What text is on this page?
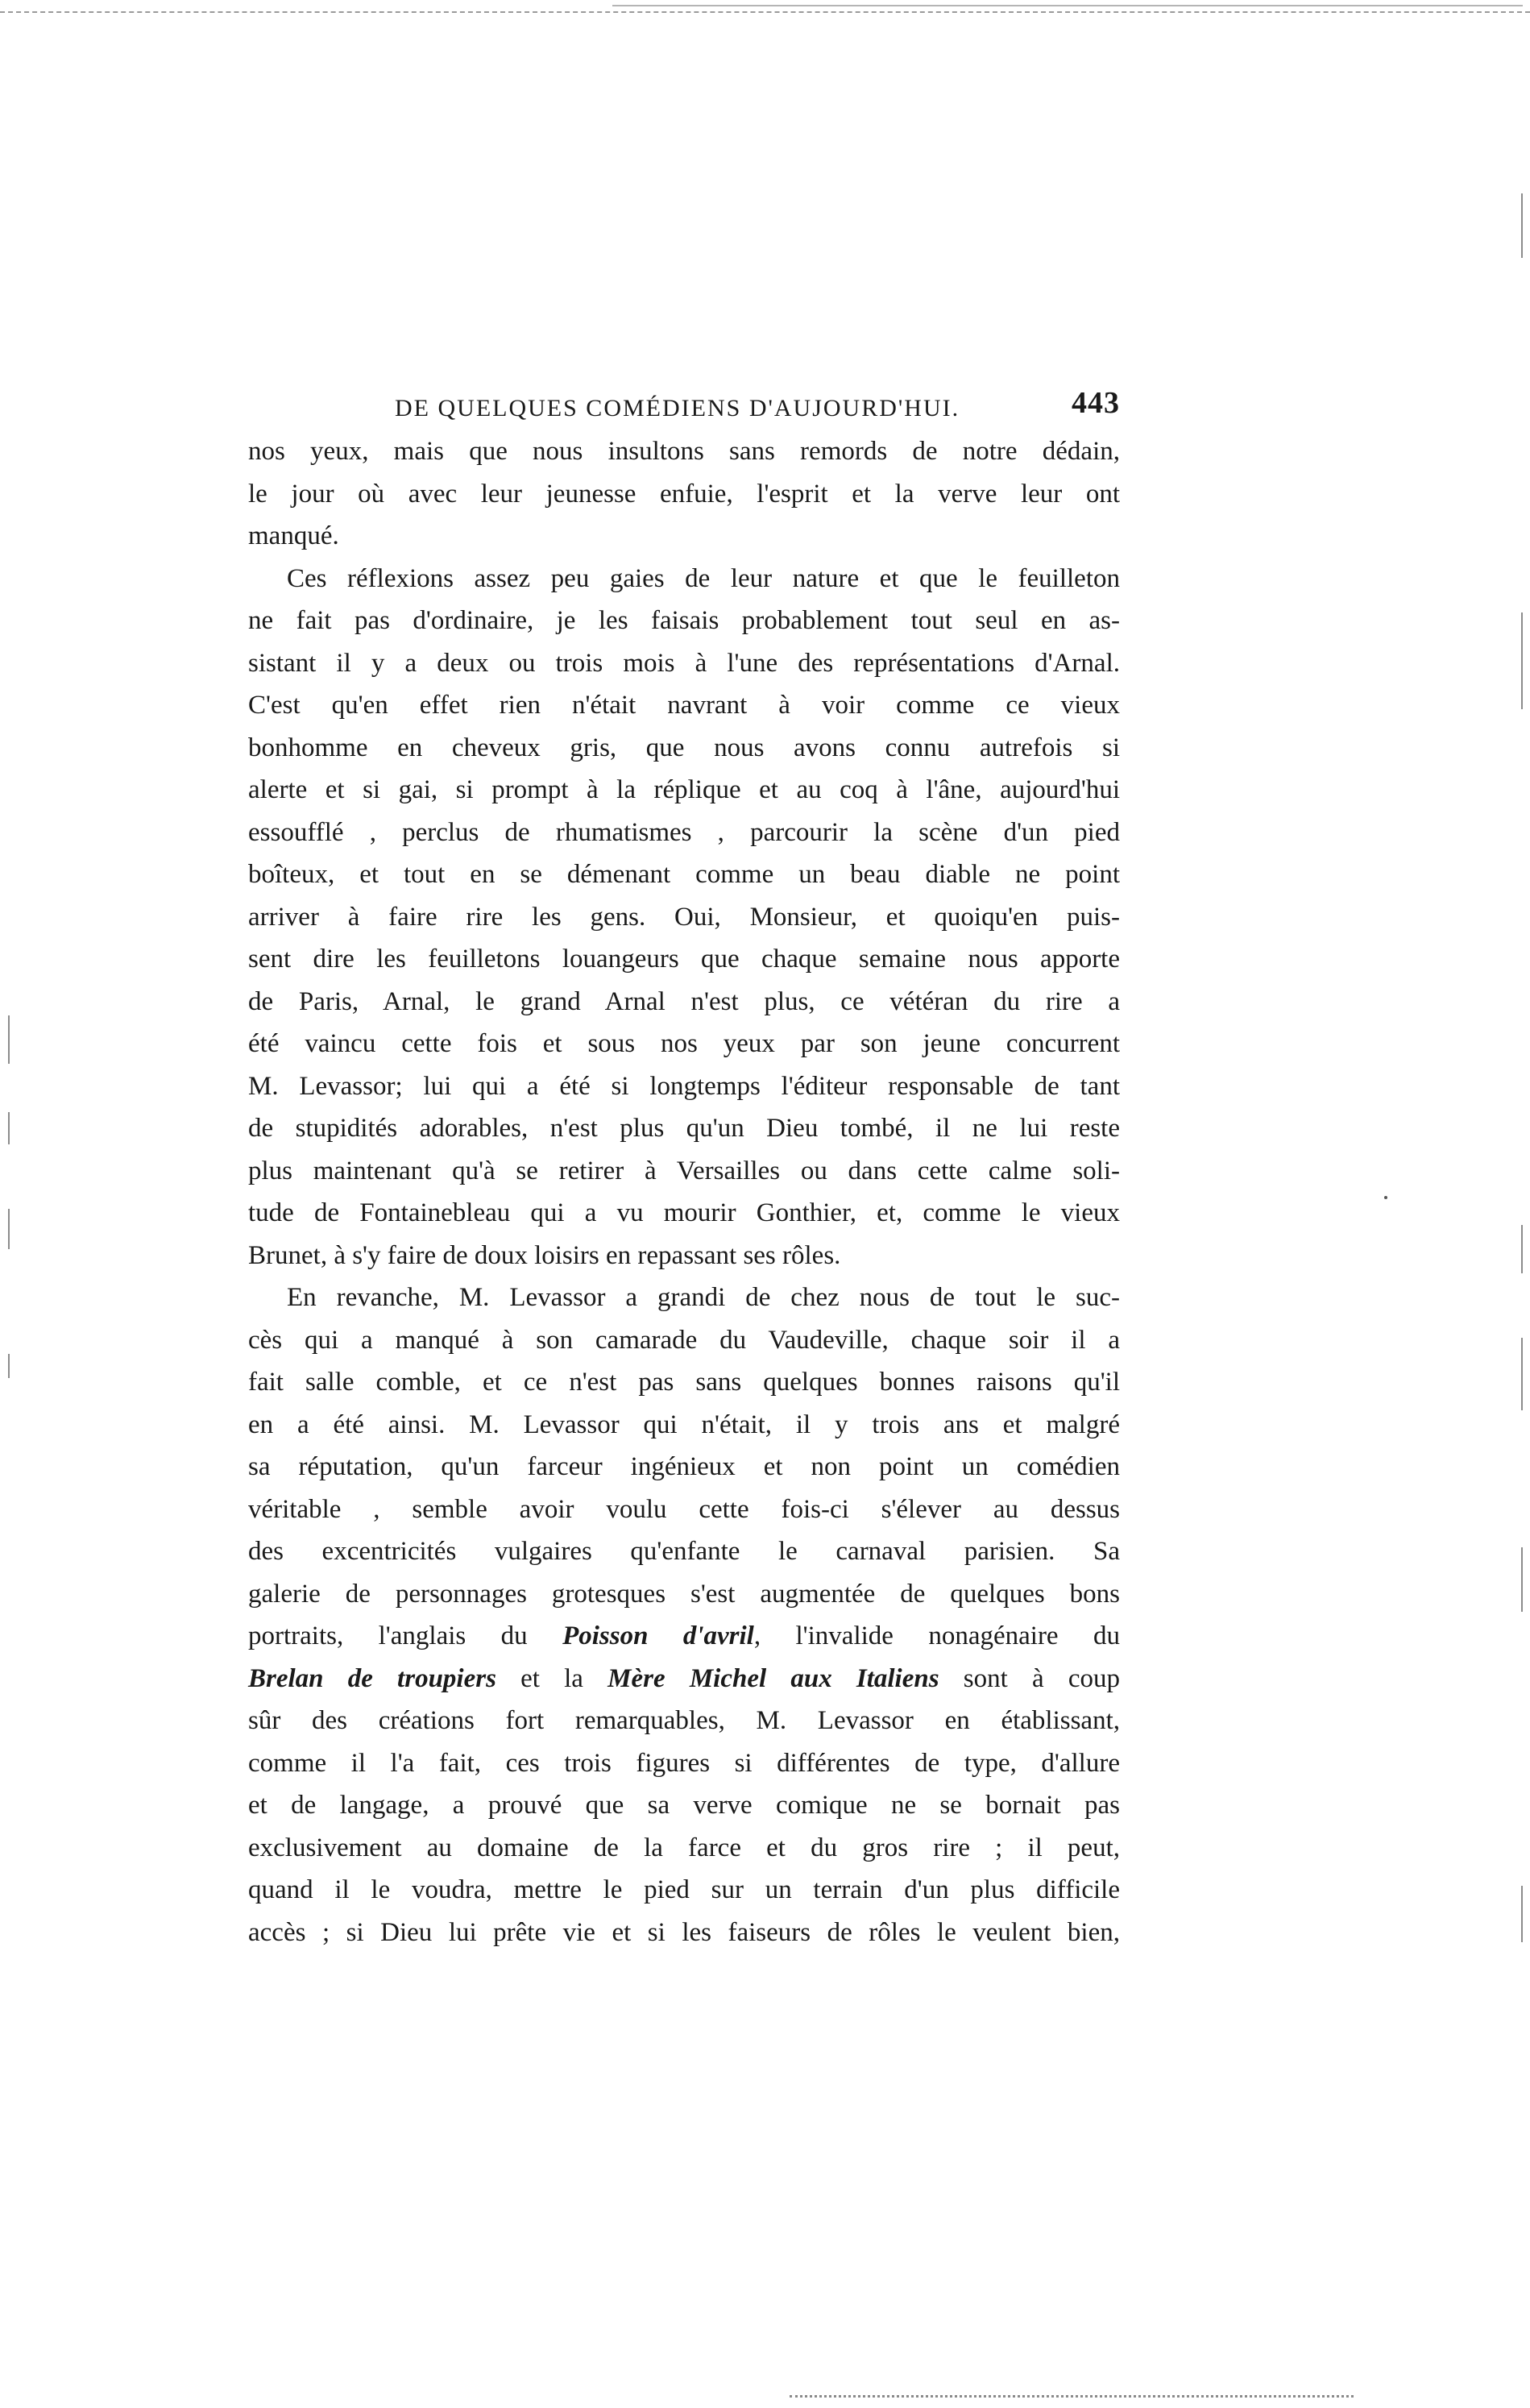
DE QUELQUES COMÉDIENS D'AUJOURD'HUI.	443
nos yeux, mais que nous insultons sans remords de notre dédain,
le jour où avec leur jeunesse enfuie, l'esprit et la verve leur ont
manqué.
Ces réflexions assez peu gaies de leur nature et que le feuilleton
ne fait pas d'ordinaire, je les faisais probablement tout seul en as-
sistant il y a deux ou trois mois à l'une des représentations d'Arnal.
C'est qu'en effet rien n'était navrant à voir comme ce vieux
bonhomme en cheveux gris, que nous avons connu autrefois si
alerte et si gai, si prompt à la réplique et au coq à l'âne, aujourd'hui
essoufflé , perclus de rhumatismes , parcourir la scène d'un pied
boîteux, et tout en se démenant comme un beau diable ne point
arriver à faire rire les gens. Oui, Monsieur, et quoiqu'en puis-
sent dire les feuilletons louangeurs que chaque semaine nous apporte
de Paris, Arnal, le grand Arnal n'est plus, ce vétéran du rire a
été vaincu cette fois et sous nos yeux par son jeune concurrent
M. Levassor; lui qui a été si longtemps l'éditeur responsable de tant
de stupidités adorables, n'est plus qu'un Dieu tombé, il ne lui reste
plus maintenant qu'à se retirer à Versailles ou dans cette calme soli-
tude de Fontainebleau qui a vu mourir Gonthier, et, comme le vieux
Brunet, à s'y faire de doux loisirs en repassant ses rôles.
En revanche, M. Levassor a grandi de chez nous de tout le suc-
cès qui a manqué à son camarade du Vaudeville, chaque soir il a
fait salle comble, et ce n'est pas sans quelques bonnes raisons qu'il
en a été ainsi. M. Levassor qui n'était, il y trois ans et malgré
sa réputation, qu'un farceur ingénieux et non point un comédien
véritable , semble avoir voulu cette fois-ci s'élever au dessus
des excentricités vulgaires qu'enfante le carnaval parisien. Sa
galerie de personnages grotesques s'est augmentée de quelques bons
portraits, l'anglais du Poisson d'avril, l'invalide nonagénaire du
Brelan de troupiers et la Mère Michel aux Italiens sont à coup
sûr des créations fort remarquables, M. Levassor en établissant,
comme il l'a fait, ces trois figures si différentes de type, d'allure
et de langage, a prouvé que sa verve comique ne se bornait pas
exclusivement au domaine de la farce et du gros rire ; il peut,
quand il le voudra, mettre le pied sur un terrain d'un plus difficile
accès ; si Dieu lui prête vie et si les faiseurs de rôles le veulent bien,
